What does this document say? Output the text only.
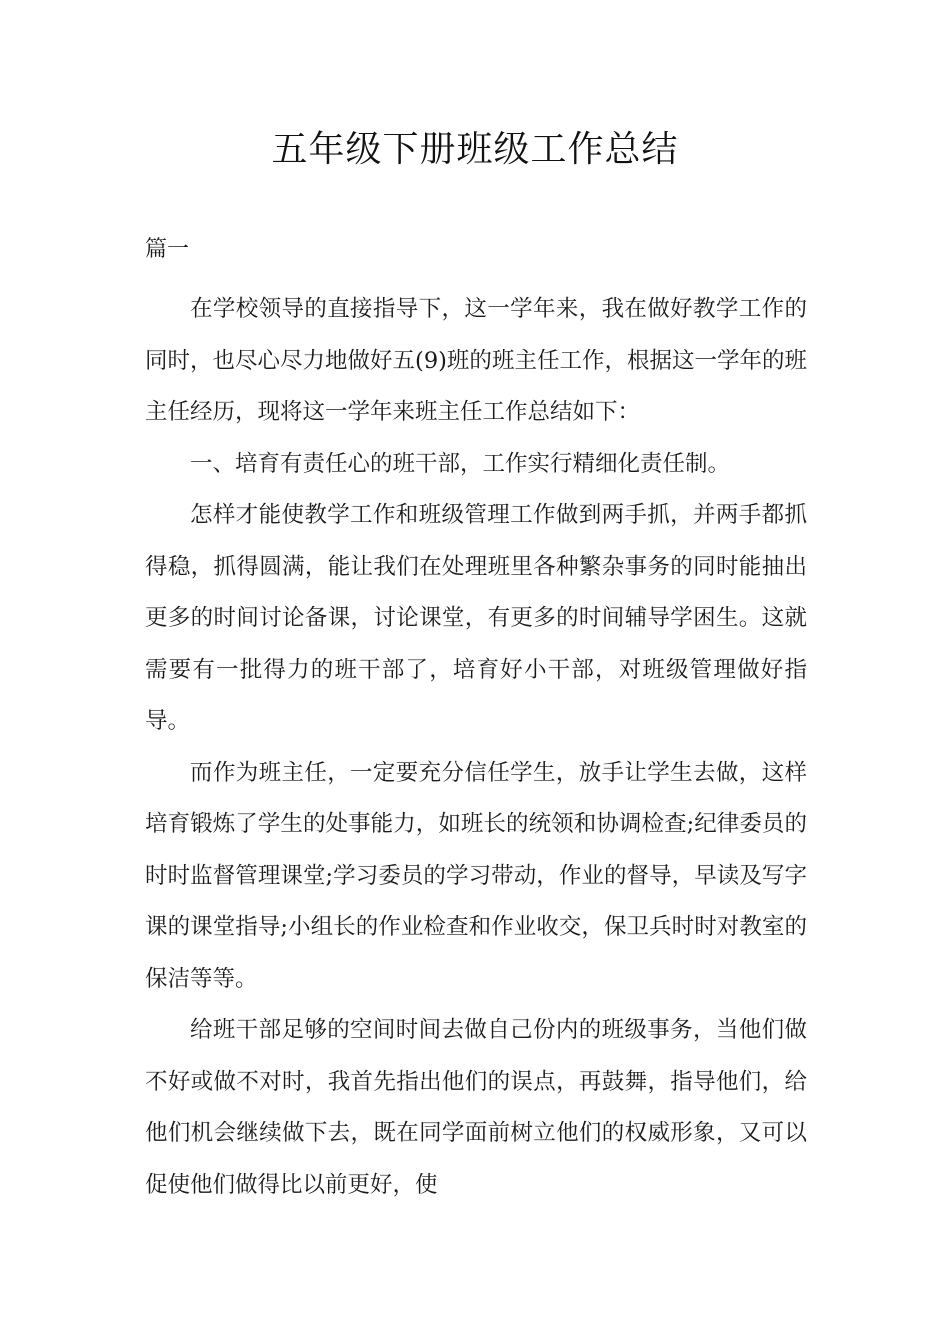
五年级下册班级工作总结
篇一

在学校领导的直接指导下，这一学年来，我在做好教学工作的同时，也尽心尽力地做好五(9)班的班主任工作，根据这一学年的班主任经历，现将这一学年来班主任工作总结如下：

一、培育有责任心的班干部，工作实行精细化责任制。

怎样才能使教学工作和班级管理工作做到两手抓，并两手都抓得稳，抓得圆满，能让我们在处理班里各种繁杂事务的同时能抽出更多的时间讨论备课，讨论课堂，有更多的时间辅导学困生。这就需要有一批得力的班干部了，培育好小干部，对班级管理做好指导。

而作为班主任，一定要充分信任学生，放手让学生去做，这样培育锻炼了学生的处事能力，如班长的统领和协调检查;纪律委员的时时监督管理课堂;学习委员的学习带动，作业的督导，早读及写字课的课堂指导;小组长的作业检查和作业收交，保卫兵时时对教室的保洁等等。

给班干部足够的空间时间去做自己份内的班级事务，当他们做不好或做不对时，我首先指出他们的误点，再鼓舞，指导他们，给他们机会继续做下去，既在同学面前树立他们的权威形象，又可以促使他们做得比以前更好，使
